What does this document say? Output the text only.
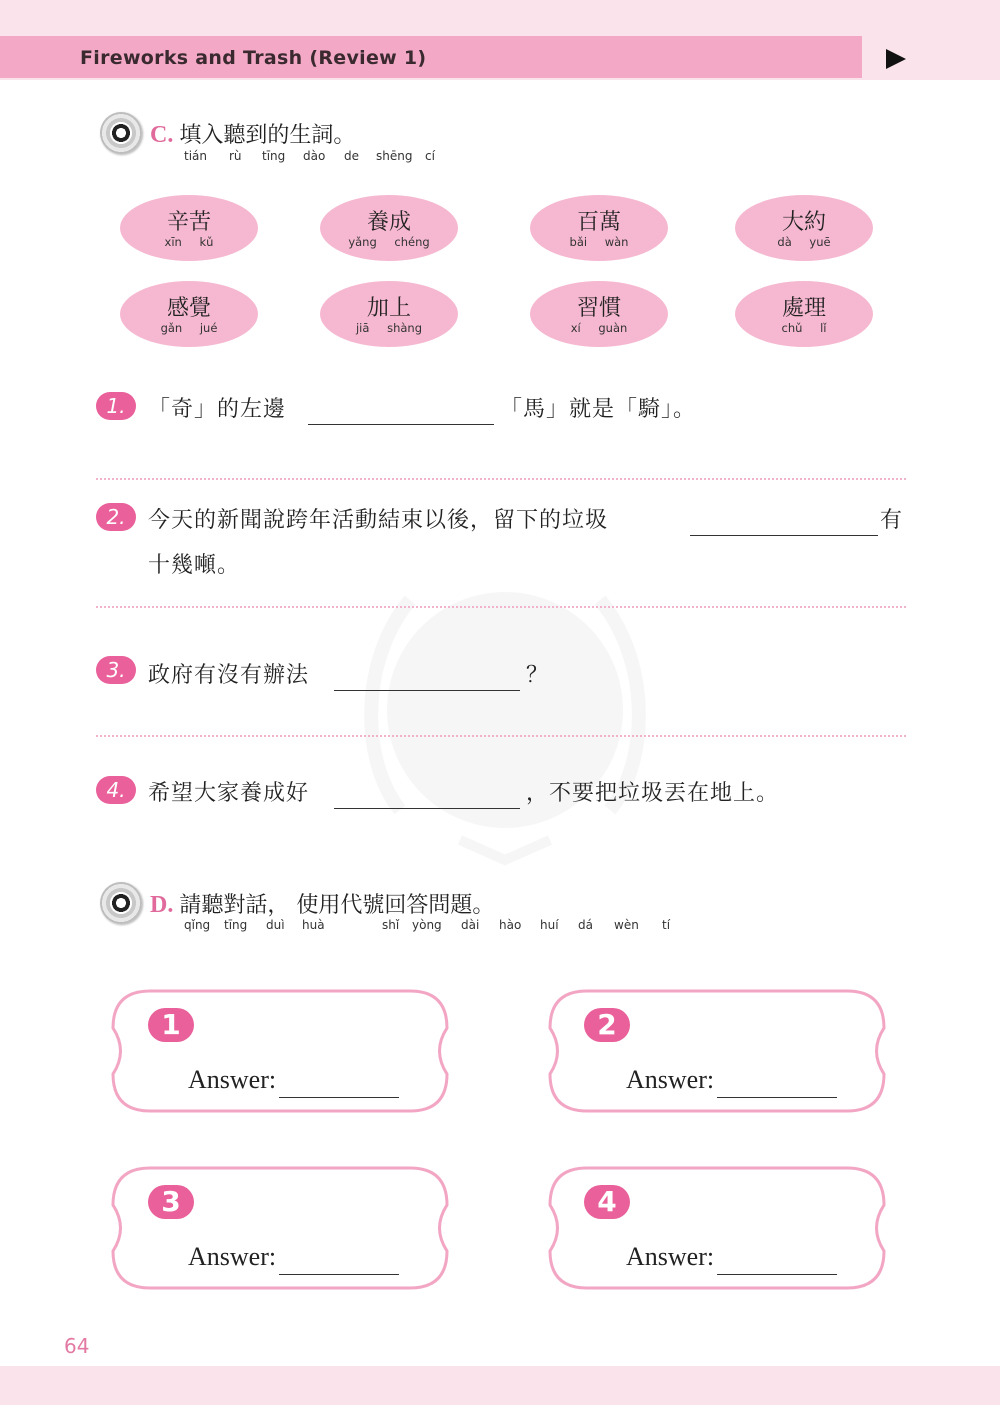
Fireworks and Trash (Review 1)
C. 填入聽到的生詞。
tián rù tīng dào de shēng cí
辛苦
xīn kǔ
養成
yǎng chéng
百萬
bǎi wàn
大約
dà yuē
感覺
gǎn jué
加上
jiā shàng
習慣
xí guàn
處理
chǔ lǐ
1.	「奇」的左邊	「馬」就是「騎」。
2.	今天的新聞說跨年活動結束以後，留下的垃圾	有
十幾噸。
3.	政府有沒有辦法	？
4.	希望大家養成好	，不要把垃圾丟在地上。
D. 請聽對話， 使用代號回答問題。
qǐng tīng duì huà	shǐ yòng dài hào huí dá wèn tí
1
Answer:
2
Answer:
3
Answer:
4
Answer:
64
